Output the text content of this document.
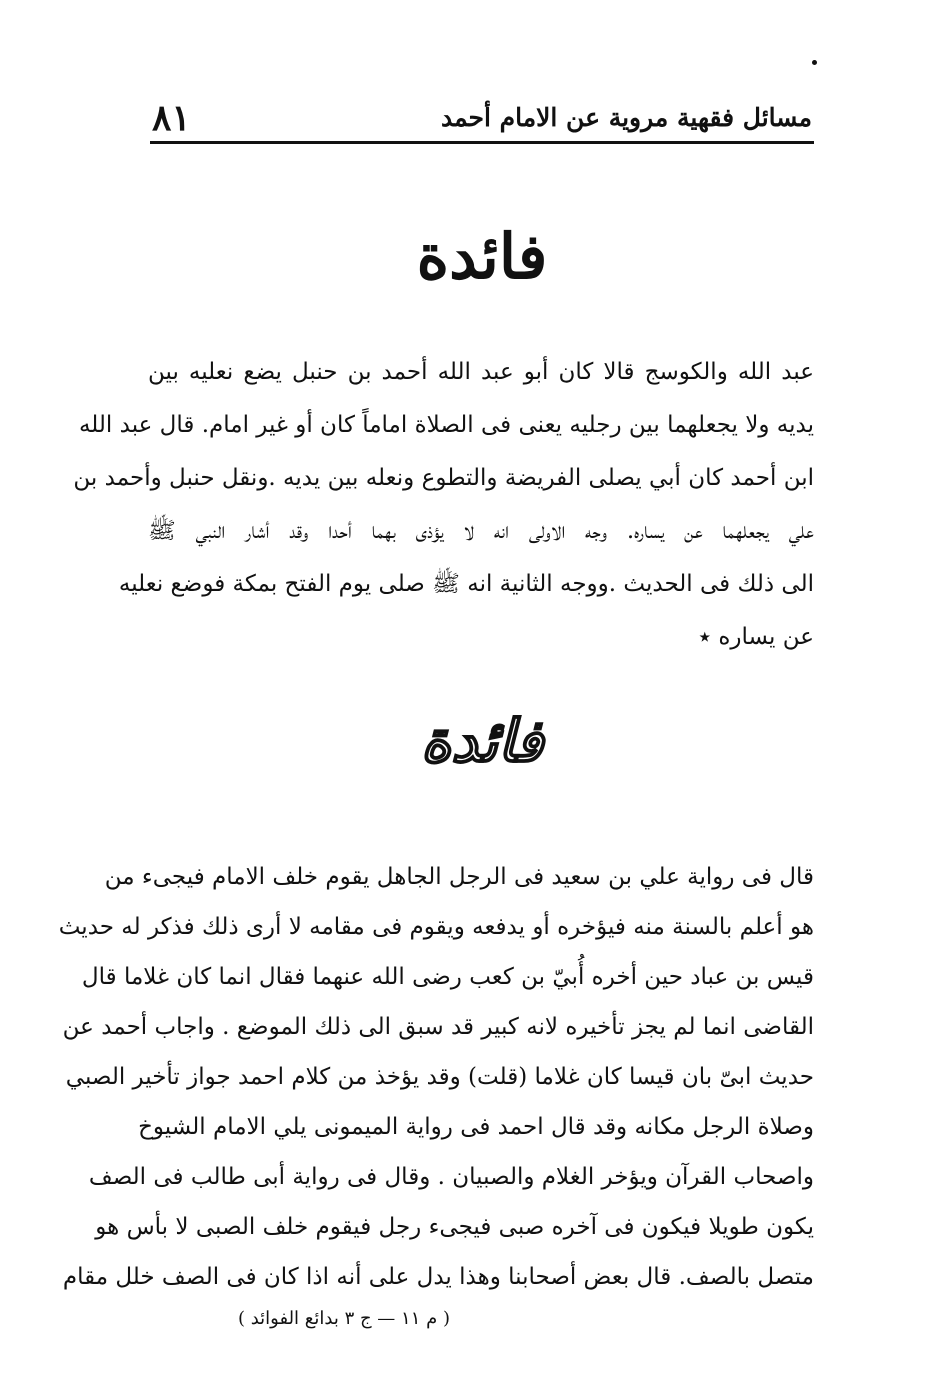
مسائل فقهية مروية عن الامام أحمد
٨١
فائدة
عبد الله والكوسج قالا كان أبو عبد الله أحمد بن حنبل يضع نعليه بين
يديه ولا يجعلهما بين رجليه يعنى فى الصلاة اماماً كان أو غير امام. قال عبد الله
ابن أحمد كان أبي يصلى الفريضة والتطوع ونعله بين يديه .ونقل حنبل وأحمد بن
علي يجعلهما عن يساره. وجه الاولى انه لا يؤذى بهما أحدا وقد أشار النبي ﷺ
الى ذلك فى الحديث .ووجه الثانية انه ﷺ صلى يوم الفتح بمكة فوضع نعليه
عن يساره ٭
فائدة
قال فى رواية علي بن سعيد فى الرجل الجاهل يقوم خلف الامام فيجىء من
هو أعلم بالسنة منه فيؤخره أو يدفعه ويقوم فى مقامه لا أرى ذلك فذكر له حديث
قيس بن عباد حين أخره أُبيّ بن كعب رضى الله عنهما فقال انما كان غلاما قال
القاضى انما لم يجز تأخيره لانه كبير قد سبق الى ذلك الموضع . واجاب أحمد عن
حديث ابىّ بان قيسا كان غلاما (قلت) وقد يؤخذ من كلام احمد جواز تأخير الصبي
وصلاة الرجل مكانه وقد قال احمد فى رواية الميمونى يلي الامام الشيوخ
واصحاب القرآن ويؤخر الغلام والصبيان . وقال فى رواية أبى طالب فى الصف
يكون طويلا فيكون فى آخره صبى فيجىء رجل فيقوم خلف الصبى لا بأس هو
متصل بالصف. قال بعض أصحابنا وهذا يدل على أنه اذا كان فى الصف خلل مقام
( م ١١ — ج ٣ بدائع الفوائد )
